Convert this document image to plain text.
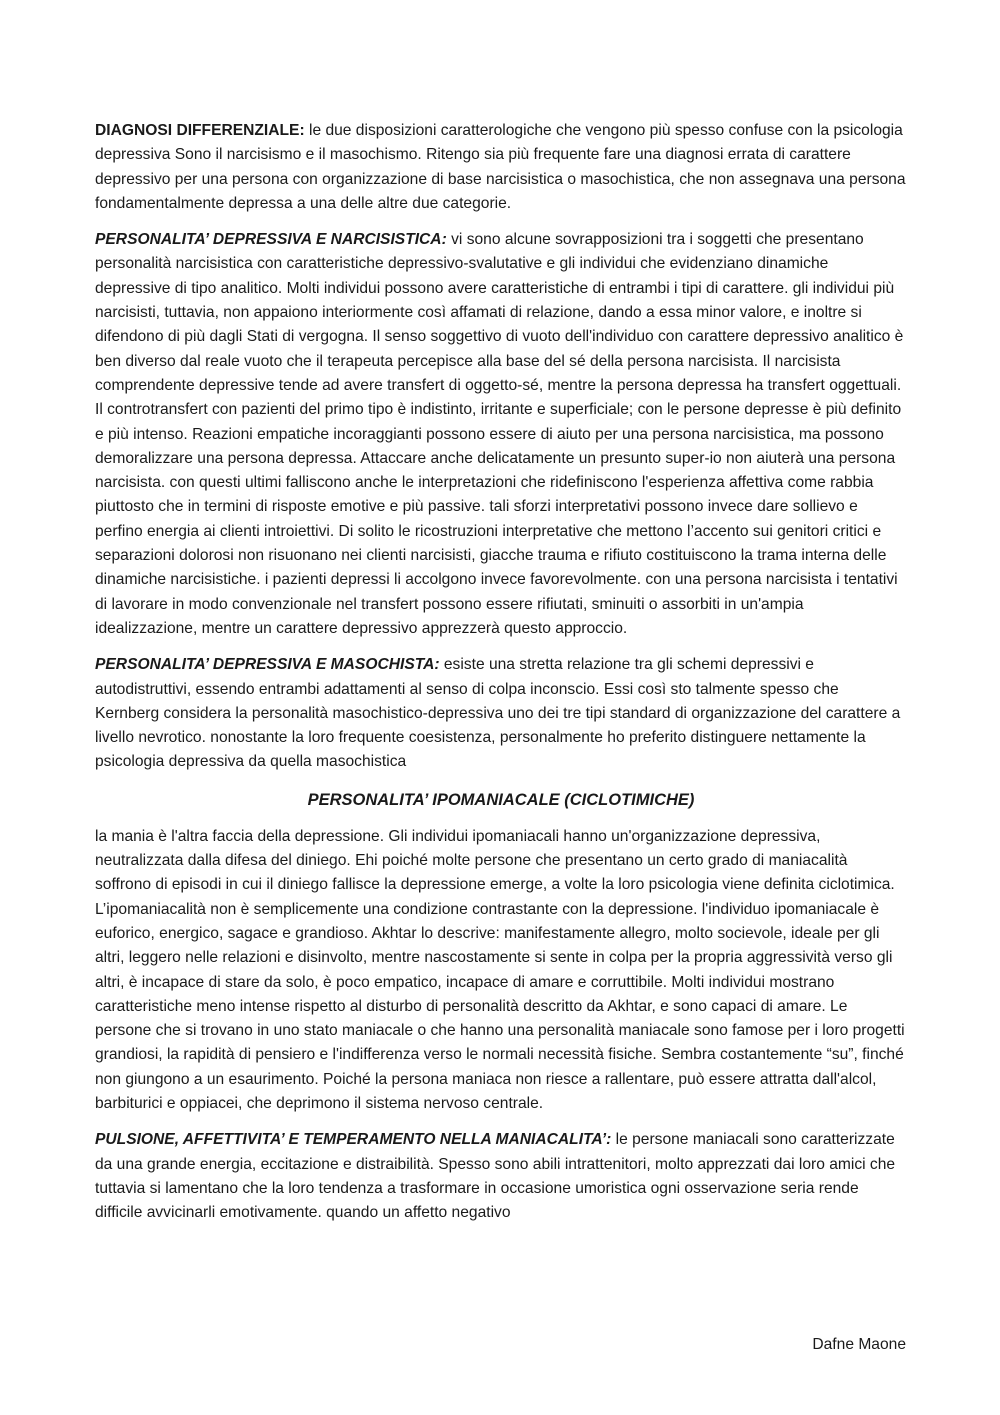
DIAGNOSI DIFFERENZIALE: le due disposizioni caratterologiche che vengono più spesso confuse con la psicologia depressiva Sono il narcisismo e il masochismo. Ritengo sia più frequente fare una diagnosi errata di carattere depressivo per una persona con organizzazione di base narcisistica o masochistica, che non assegnava una persona fondamentalmente depressa a una delle altre due categorie.

PERSONALITA’ DEPRESSIVA E NARCISISTICA: vi sono alcune sovrapposizioni tra i soggetti che presentano personalità narcisistica con caratteristiche depressivo-svalutative e gli individui che evidenziano dinamiche depressive di tipo analitico. Molti individui possono avere caratteristiche di entrambi i tipi di carattere. gli individui più narcisisti, tuttavia, non appaiono interiormente così affamati di relazione, dando a essa minor valore, e inoltre si difendono di più dagli Stati di vergogna. Il senso soggettivo di vuoto dell'individuo con carattere depressivo analitico è ben diverso dal reale vuoto che il terapeuta percepisce alla base del sé della persona narcisista. Il narcisista comprendente depressive tende ad avere transfert di oggetto-sé, mentre la persona depressa ha transfert oggettuali. Il controtransfert con pazienti del primo tipo è indistinto, irritante e superficiale; con le persone depresse è più definito e più intenso. Reazioni empatiche incoraggianti possono essere di aiuto per una persona narcisistica, ma possono demoralizzare una persona depressa. Attaccare anche delicatamente un presunto super-io non aiuterà una persona narcisista. con questi ultimi falliscono anche le interpretazioni che ridefiniscono l'esperienza affettiva come rabbia piuttosto che in termini di risposte emotive e più passive. tali sforzi interpretativi possono invece dare sollievo e perfino energia ai clienti introiettivi. Di solito le ricostruzioni interpretative che mettono l’accento sui genitori critici e separazioni dolorosi non risuonano nei clienti narcisisti, giacche trauma e rifiuto costituiscono la trama interna delle dinamiche narcisistiche. i pazienti depressi li accolgono invece favorevolmente. con una persona narcisista i tentativi di lavorare in modo convenzionale nel transfert possono essere rifiutati, sminuiti o assorbiti in un'ampia idealizzazione, mentre un carattere depressivo apprezzerà questo approccio.

PERSONALITA’ DEPRESSIVA E MASOCHISTA: esiste una stretta relazione tra gli schemi depressivi e autodistruttivi, essendo entrambi adattamenti al senso di colpa inconscio. Essi così sto talmente spesso che Kernberg considera la personalità masochistico-depressiva uno dei tre tipi standard di organizzazione del carattere a livello nevrotico. nonostante la loro frequente coesistenza, personalmente ho preferito distinguere nettamente la psicologia depressiva da quella masochistica

PERSONALITA’ IPOMANIACALE (CICLOTIMICHE)

la mania è l'altra faccia della depressione. Gli individui ipomaniacali hanno un'organizzazione depressiva, neutralizzata dalla difesa del diniego. Ehi poiché molte persone che presentano un certo grado di maniacalità soffrono di episodi in cui il diniego fallisce la depressione emerge, a volte la loro psicologia viene definita ciclotimica. L’ipomaniacalità non è semplicemente una condizione contrastante con la depressione. l'individuo ipomaniacale è euforico, energico, sagace e grandioso. Akhtar lo descrive: manifestamente allegro, molto socievole, ideale per gli altri, leggero nelle relazioni e disinvolto, mentre nascostamente si sente in colpa per la propria aggressività verso gli altri, è incapace di stare da solo, è poco empatico, incapace di amare e corruttibile. Molti individui mostrano caratteristiche meno intense rispetto al disturbo di personalità descritto da Akhtar, e sono capaci di amare. Le persone che si trovano in uno stato maniacale o che hanno una personalità maniacale sono famose per i loro progetti grandiosi, la rapidità di pensiero e l'indifferenza verso le normali necessità fisiche. Sembra costantemente “su”, finché non giungono a un esaurimento. Poiché la persona maniaca non riesce a rallentare, può essere attratta dall'alcol, barbiturici e oppiacei, che deprimono il sistema nervoso centrale.

PULSIONE, AFFETTIVITA’ E TEMPERAMENTO NELLA MANIACALITA’: le persone maniacali sono caratterizzate da una grande energia, eccitazione e distraibilità. Spesso sono abili intrattenitori, molto apprezzati dai loro amici che tuttavia si lamentano che la loro tendenza a trasformare in occasione umoristica ogni osservazione seria rende difficile avvicinarli emotivamente. quando un affetto negativo

Dafne Maone
